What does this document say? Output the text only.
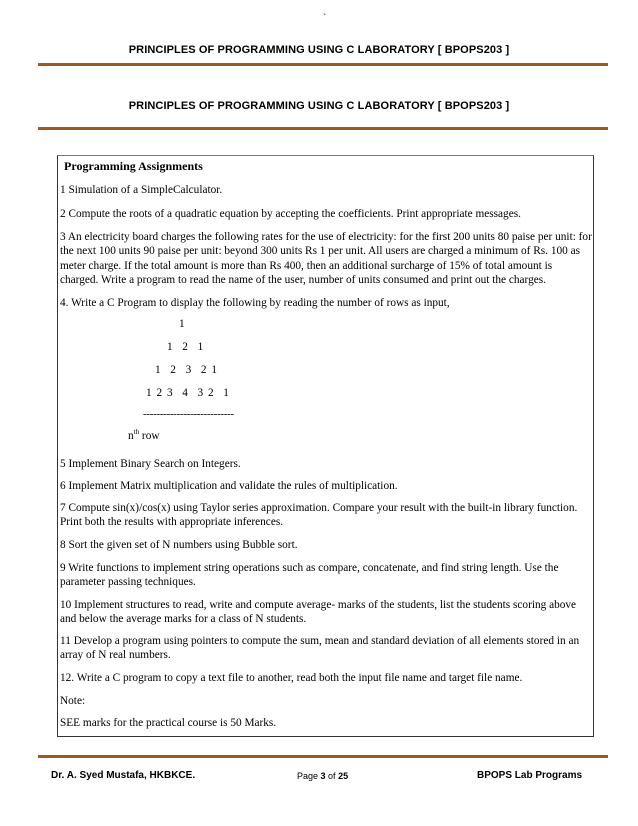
`
PRINCIPLES OF PROGRAMMING USING C LABORATORY [ BPOPS203 ]
PRINCIPLES OF PROGRAMMING USING C LABORATORY [ BPOPS203 ]

Programming Assignments

1 Simulation of a SimpleCalculator.

2 Compute the roots of a quadratic equation by accepting the coefficients. Print appropriate messages.

3 An electricity board charges the following rates for the use of electricity: for the first 200 units 80 paise per unit: for the next 100 units 90 paise per unit: beyond 300 units Rs 1 per unit. All users are charged a minimum of Rs. 100 as meter charge. If the total amount is more than Rs 400, then an additional surcharge of 15% of total amount is charged. Write a program to read the name of the user, number of units consumed and print out the charges.

4. Write a C Program to display the following by reading the number of rows as input,

5 Implement Binary Search on Integers.

6 Implement Matrix multiplication and validate the rules of multiplication.

7 Compute sin(x)/cos(x) using Taylor series approximation. Compare your result with the built-in library function. Print both the results with appropriate inferences.

8 Sort the given set of N numbers using Bubble sort.

9 Write functions to implement string operations such as compare, concatenate, and find string length. Use the parameter passing techniques.

10 Implement structures to read, write and compute average- marks of the students, list the students scoring above and below the average marks for a class of N students.

11 Develop a program using pointers to compute the sum, mean and standard deviation of all elements stored in an array of N real numbers.

12. Write a C program to copy a text file to another, read both the input file name and target file name.

Note:

SEE marks for the practical course is 50 Marks.

1
1  2  1
1  2  3  2 1
1 2 3  4  3 2  1
---------------------------
$n^{th}$ row
Dr. A. Syed Mustafa, HKBKCE.	Page 3 of 25	BPOPS Lab Programs
